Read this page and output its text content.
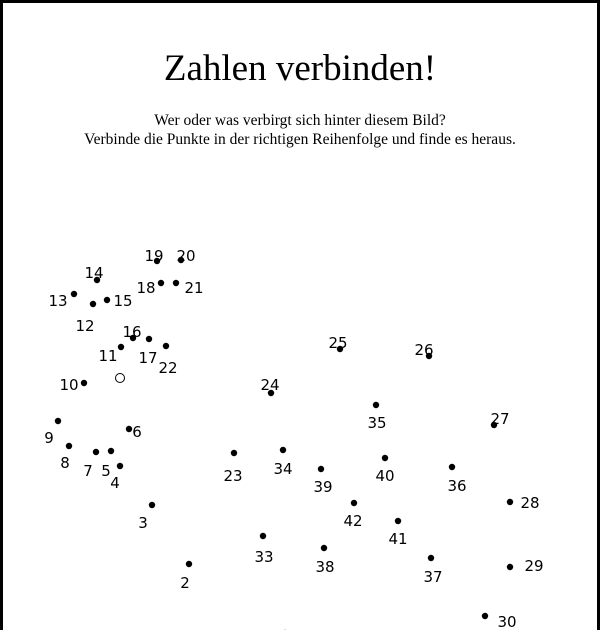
Zahlen verbinden!
Wer oder was verbirgt sich hinter diesem Bild?
Verbinde die Punkte in der richtigen Reihenfolge und finde es heraus.
2
3
4
5
6
7
8
9
10
11
12
13
14
15
16
17
18
19 20
21
22
23
24
25	26
27
28
29
30
33
34
35
36
37
38
39
40
41
42
